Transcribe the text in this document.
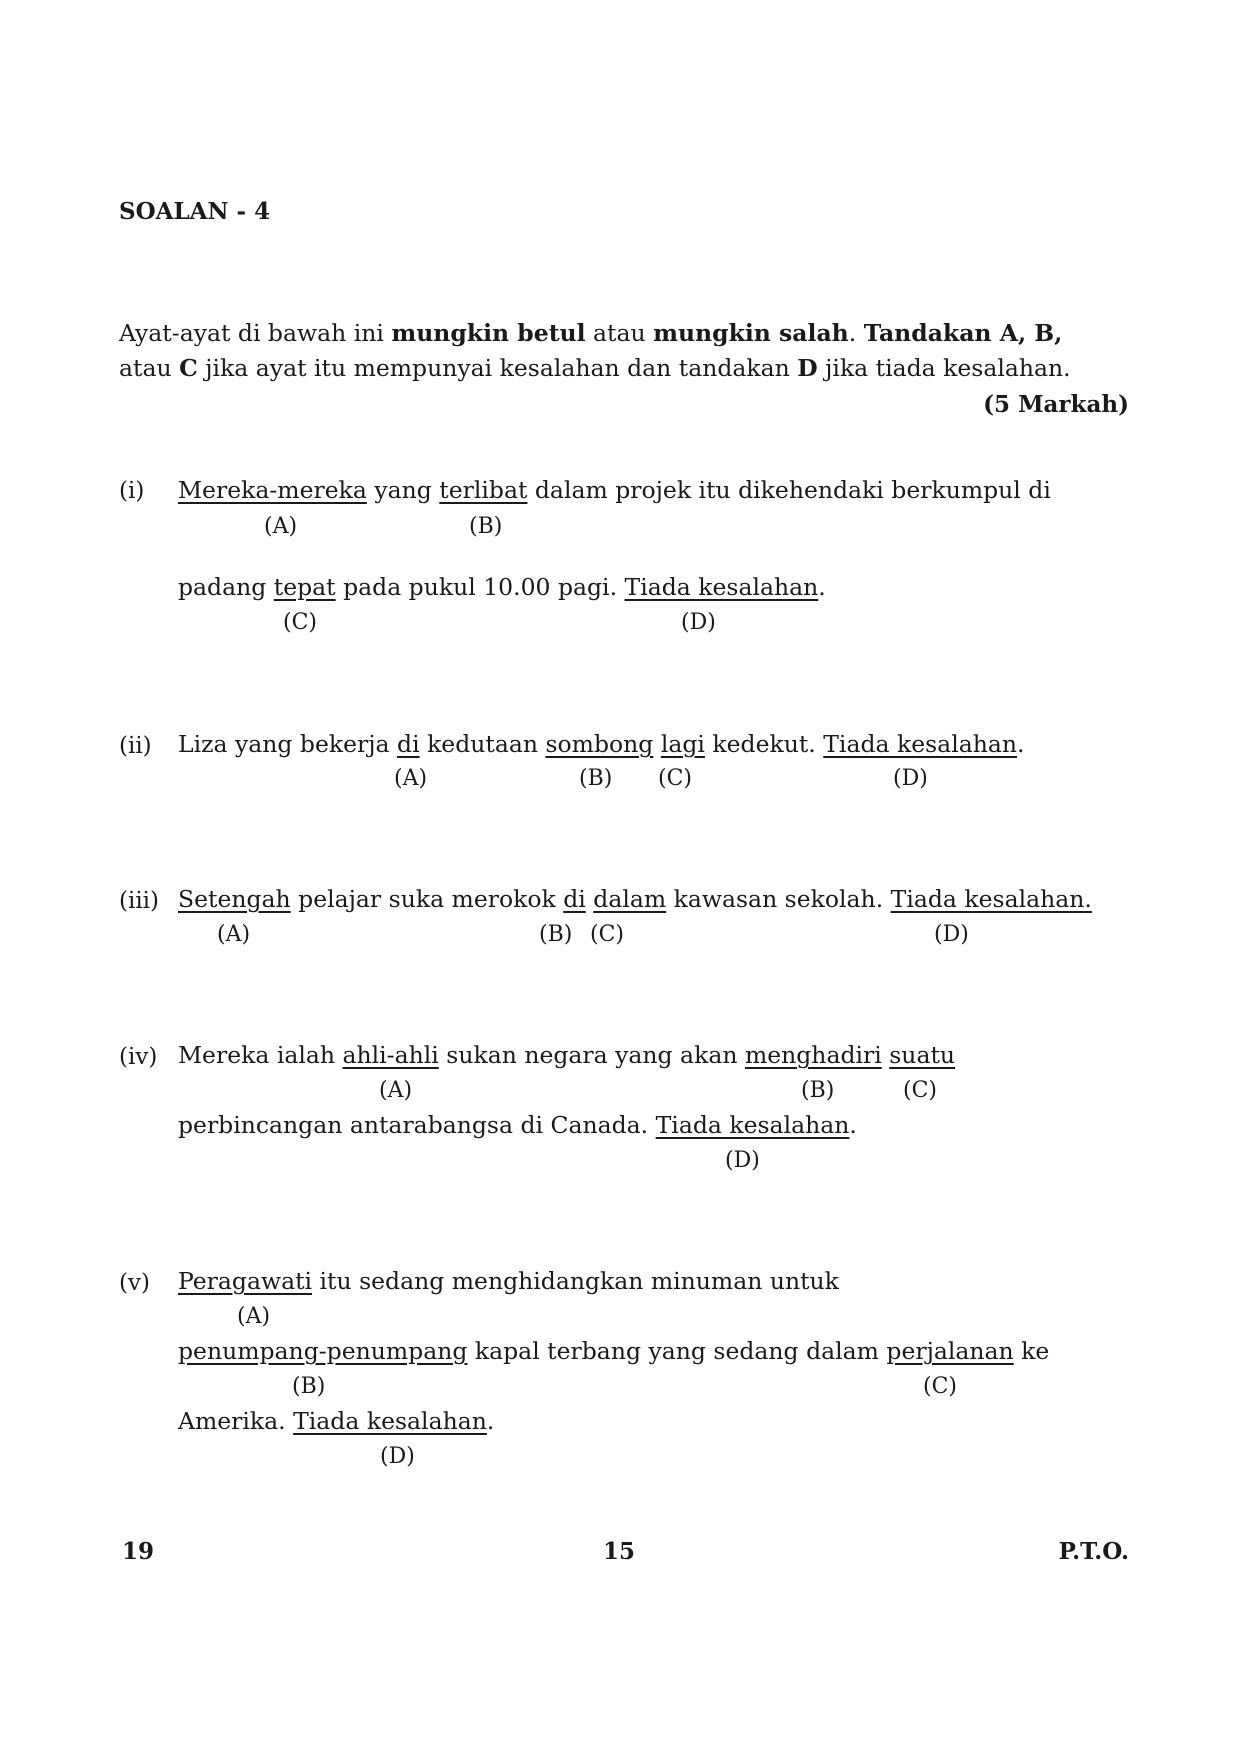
SOALAN - 4
Ayat-ayat di bawah ini mungkin betul atau mungkin salah. Tandakan A, B,
atau C jika ayat itu mempunyai kesalahan dan tandakan D jika tiada kesalahan.
(5 Markah)
(i) Mereka-mereka yang terlibat dalam projek itu dikehendaki berkumpul di
(A)	(B)
padang tepat pada pukul 10.00 pagi. Tiada kesalahan.
(C)	(D)
(ii) Liza yang bekerja di kedutaan sombong lagi kedekut. Tiada kesalahan.
(A)	(B) (C)	(D)
(iii) Setengah pelajar suka merokok di dalam kawasan sekolah. Tiada kesalahan.
(A)	(B) (C)	(D)
(iv) Mereka ialah ahli-ahli sukan negara yang akan menghadiri suatu
(A)	(B)	(C)
perbincangan antarabangsa di Canada. Tiada kesalahan.
(D)
(v) Peragawati itu sedang menghidangkan minuman untuk
(A)
penumpang-penumpang kapal terbang yang sedang dalam perjalanan ke
(B)	(C)
Amerika. Tiada kesalahan.
(D)
19	15	P.T.O.
